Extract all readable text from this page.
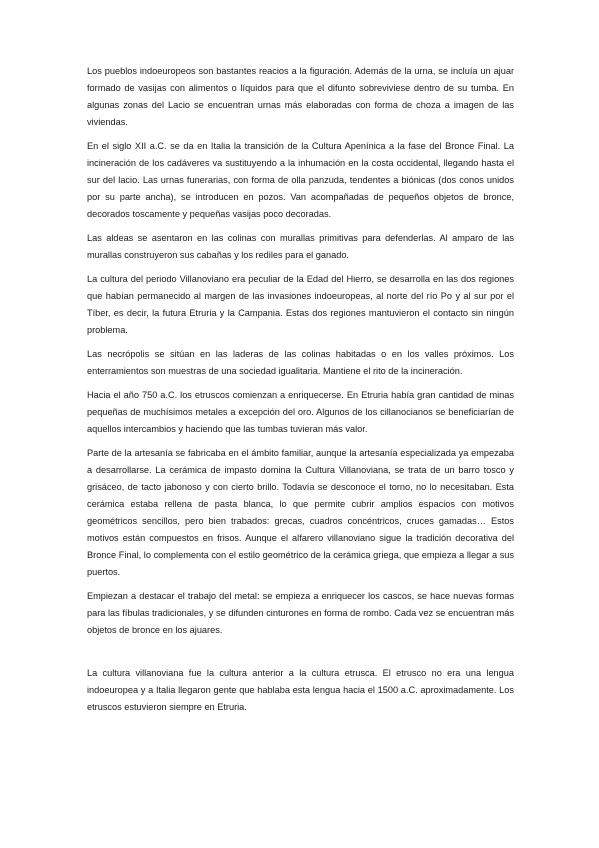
Los pueblos indoeuropeos son bastantes reacios a la figuración. Además de la urna, se incluía un ajuar formado de vasijas con alimentos o líquidos para que el difunto sobreviviese dentro de su tumba. En algunas zonas del Lacio se encuentran urnas más elaboradas con forma de choza a imagen de las viviendas.

En el siglo XII a.C. se da en Italia la transición de la Cultura Apenínica a la fase del Bronce Final. La incineración de los cadáveres va sustituyendo a la inhumación en la costa occidental, llegando hasta el sur del lacio. Las urnas funerarias, con forma de olla panzuda, tendentes a biónicas (dos conos unidos por su parte ancha), se introducen en pozos. Van acompañadas de pequeños objetos de bronce, decorados toscamente y pequeñas vasijas poco decoradas.

Las aldeas se asentaron en las colinas con murallas primitivas para defenderlas. Al amparo de las murallas construyeron sus cabañas y los rediles para el ganado.

La cultura del periodo Villanoviano era peculiar de la Edad del Hierro, se desarrolla en las dos regiones que habían permanecido al margen de las invasiones indoeuropeas, al norte del río Po y al sur por el Tíber, es decir, la futura Etruria y la Campania. Estas dos regiones mantuvieron el contacto sin ningún problema.

Las necrópolis se sitúan en las laderas de las colinas habitadas o en los valles próximos. Los enterramientos son muestras de una sociedad igualitaria. Mantiene el rito de la incineración.

Hacia el año 750 a.C. los etruscos comienzan a enriquecerse. En Etruria había gran cantidad de minas pequeñas de muchísimos metales a excepción del oro. Algunos de los cillanocianos se beneficiarían de aquellos intercambios y haciendo que las tumbas tuvieran más valor.

Parte de la artesanía se fabricaba en el ámbito familiar, aunque la artesanía especializada ya empezaba a desarrollarse. La cerámica de impasto domina la Cultura Villanoviana, se trata de un barro tosco y grisáceo, de tacto jabonoso y con cierto brillo. Todavía se desconoce el torno, no lo necesitaban. Esta cerámica estaba rellena de pasta blanca, lo que permite cubrir amplios espacios con motivos geométricos sencillos, pero bien trabados: grecas, cuadros concéntricos, cruces gamadas… Estos motivos están compuestos en frisos. Aunque el alfarero villanoviano sigue la tradición decorativa del Bronce Final, lo complementa con el estilo geométrico de la cerámica griega, que empieza a llegar a sus puertos.

Empiezan a destacar el trabajo del metal: se empieza a enriquecer los cascos, se hace nuevas formas para las fíbulas tradicionales, y se difunden cinturones en forma de rombo. Cada vez se encuentran más objetos de bronce en los ajuares.

La cultura villanoviana fue la cultura anterior a la cultura etrusca. El etrusco no era una lengua indoeuropea y a Italia llegaron gente que hablaba esta lengua hacia el 1500 a.C. aproximadamente. Los etruscos estuvieron siempre en Etruria.
